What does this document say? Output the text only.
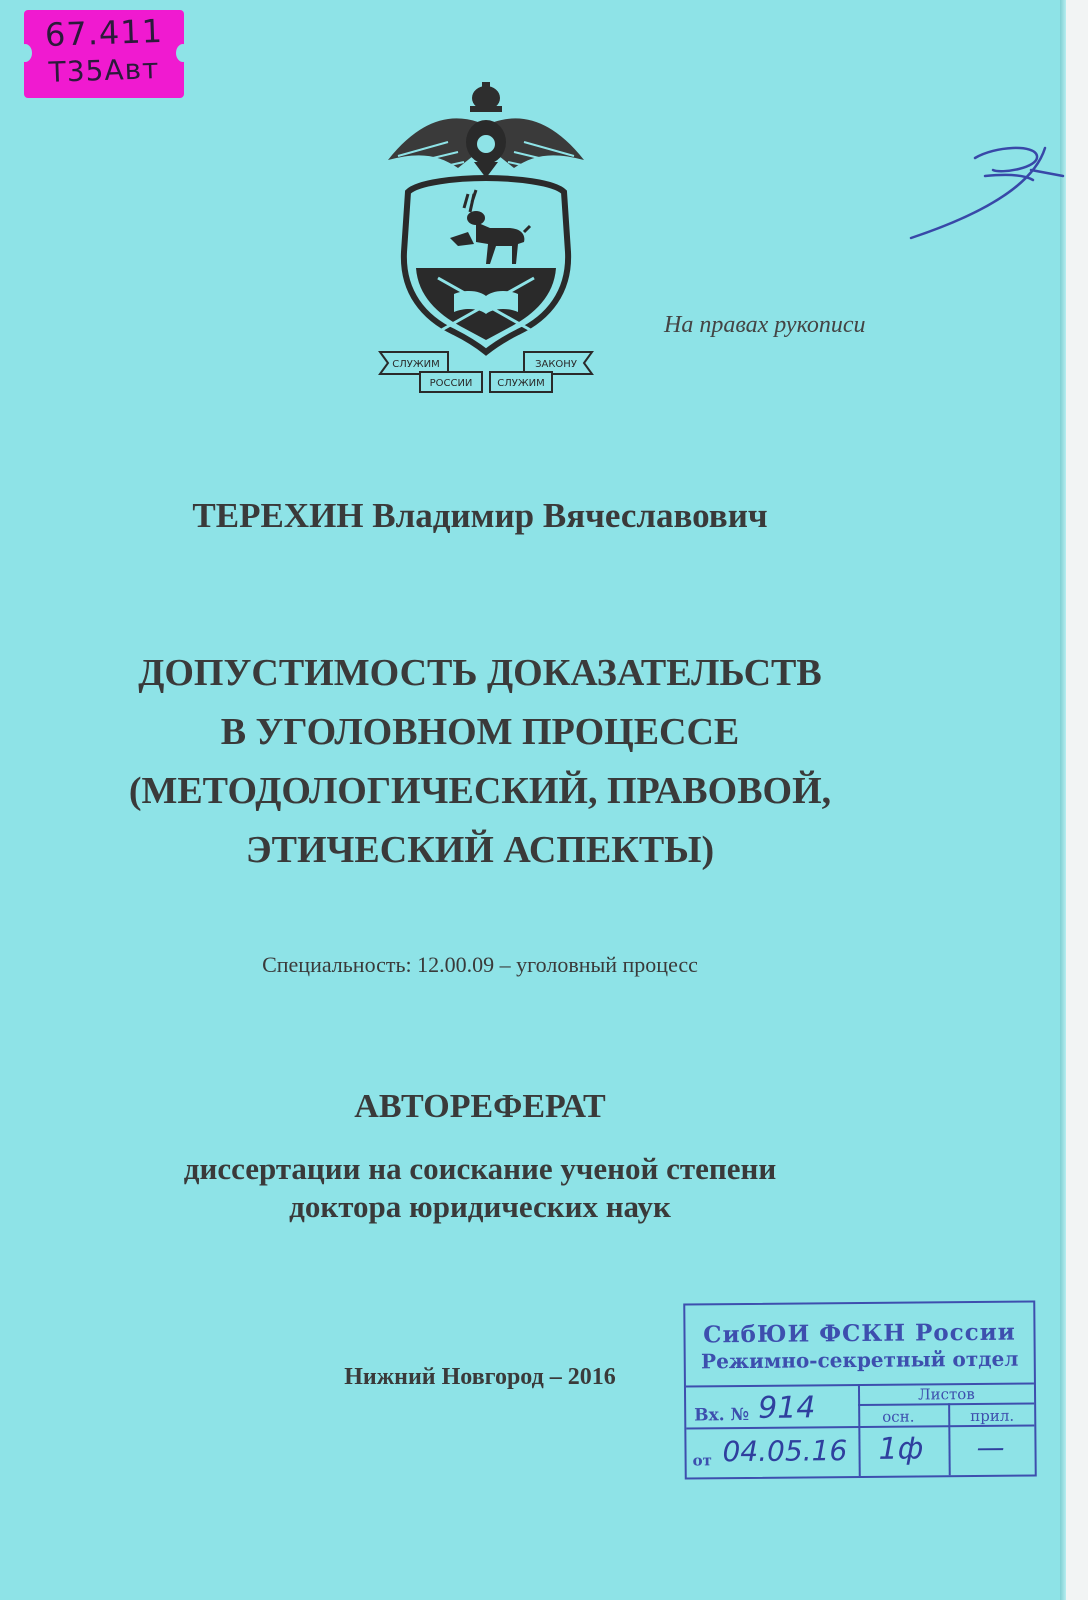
67.411
Т35Авт
СЛУЖИМ
РОССИИ СЛУЖИМ
ЗАКОНУ
На правах рукописи
ТЕРЕХИН Владимир Вячеславович
ДОПУСТИМОСТЬ ДОКАЗАТЕЛЬСТВ
В УГОЛОВНОМ ПРОЦЕССЕ
(МЕТОДОЛОГИЧЕСКИЙ, ПРАВОВОЙ,
ЭТИЧЕСКИЙ АСПЕКТЫ)
Специальность: 12.00.09 – уголовный процесс
АВТОРЕФЕРАТ
диссертации на соискание ученой степени
доктора юридических наук
Нижний Новгород – 2016
СибЮИ ФСКН России
Режимно-секретный отдел
Листов
осн.	прил.
Вх. №
от
914
04.05.16 1ф —
